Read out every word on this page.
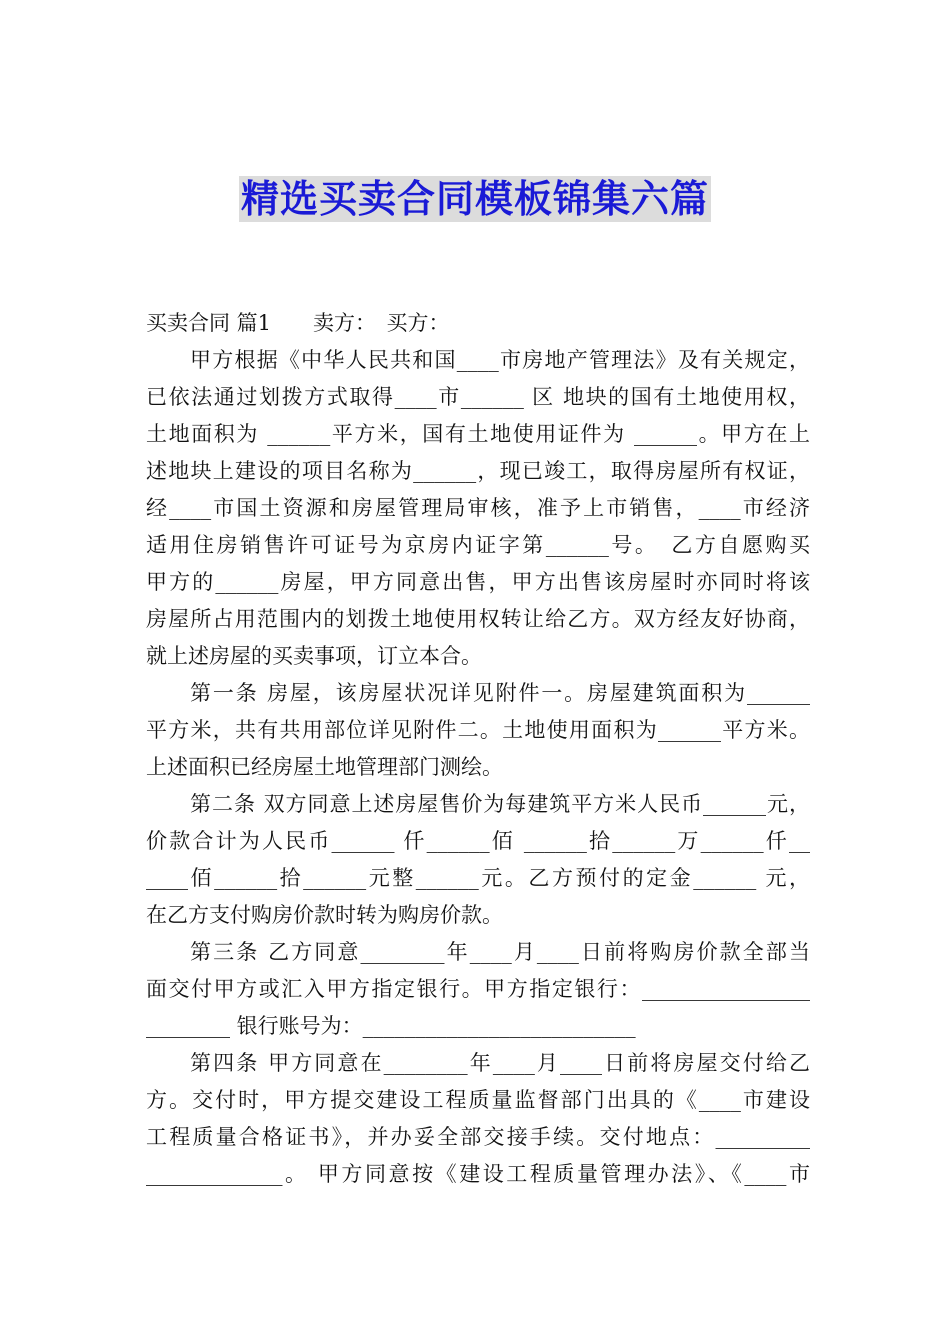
精选买卖合同模板锦集六篇
买卖合同 篇1　　卖方：　买方：
甲方根据《中华人民共和国____市房地产管理法》及有关规定，
已依法通过划拨方式取得____市______ 区 地块的国有土地使用权，
土地面积为 ______平方米，国有土地使用证件为 ______。甲方在上
述地块上建设的项目名称为______，现已竣工，取得房屋所有权证，
经____市国土资源和房屋管理局审核，准予上市销售，____市经济
适用住房销售许可证号为京房内证字第______号。　乙方自愿购买
甲方的______房屋，甲方同意出售，甲方出售该房屋时亦同时将该
房屋所占用范围内的划拨土地使用权转让给乙方。双方经友好协商，
就上述房屋的买卖事项，订立本合。
第一条 房屋，该房屋状况详见附件一。房屋建筑面积为______
平方米，共有共用部位详见附件二。土地使用面积为______平方米。
上述面积已经房屋土地管理部门测绘。
第二条 双方同意上述房屋售价为每建筑平方米人民币______元，
价款合计为人民币______ 仟______佰 ______拾______万______仟__
____佰______拾______元整______元。乙方预付的定金______ 元，
在乙方支付购房价款时转为购房价款。
第三条 乙方同意________年____月____日前将购房价款全部当
面交付甲方或汇入甲方指定银行。甲方指定银行：________________
________ 银行账号为：__________________________
第四条 甲方同意在________年____月____日前将房屋交付给乙
方。交付时，甲方提交建设工程质量监督部门出具的《____市建设
工程质量合格证书》，并办妥全部交接手续。交付地点：_________
_____________。 甲方同意按《建设工程质量管理办法》、《____市
